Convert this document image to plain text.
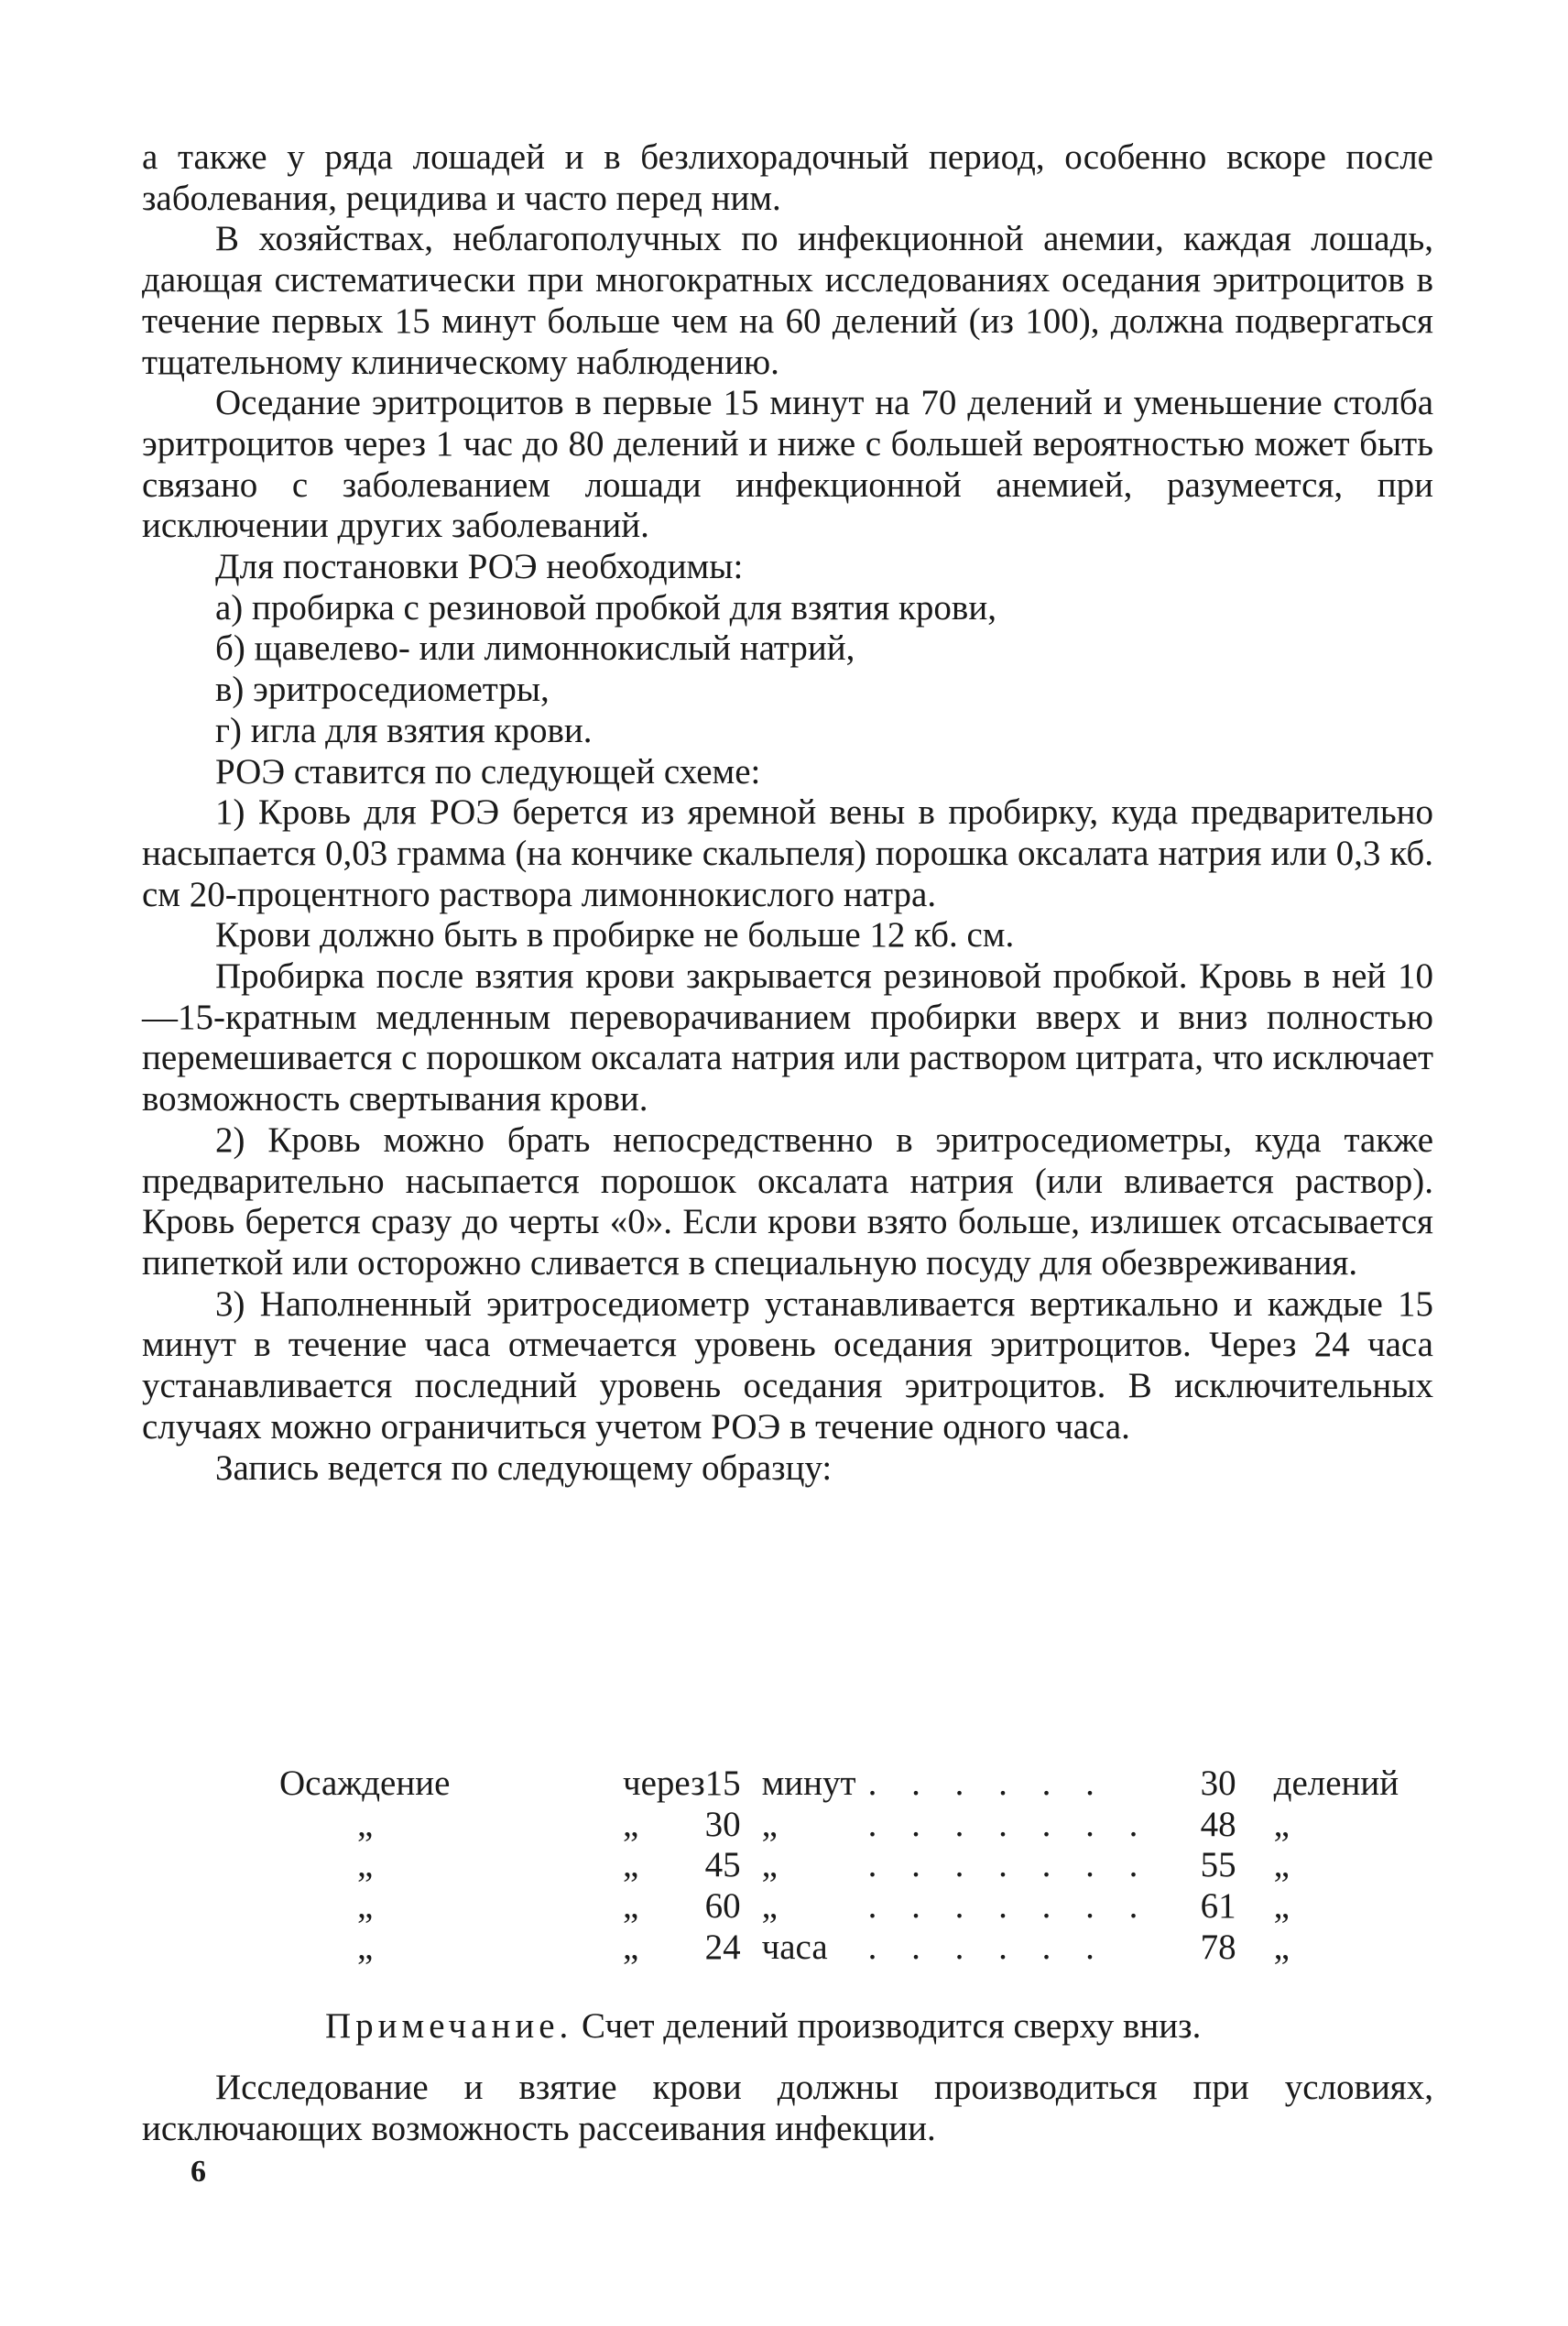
а также у ряда лошадей и в безлихорадочный период, особенно вскоре после заболевания, рецидива и часто перед ним.

В хозяйствах, неблагополучных по инфекционной анемии, каждая лошадь, дающая систематически при многократных исследованиях оседания эритроцитов в течение первых 15 минут больше чем на 60 делений (из 100), должна подвергаться тщательному клиническому наблюдению.

Оседание эритроцитов в первые 15 минут на 70 делений и уменьшение столба эритроцитов через 1 час до 80 делений и ниже с большей вероятностью может быть связано с заболеванием лошади инфекционной анемией, разумеется, при исключении других заболеваний.

Для постановки РОЭ необходимы:

а) пробирка с резиновой пробкой для взятия крови,

б) щавелево- или лимоннокислый натрий,

в) эритроседиометры,

г) игла для взятия крови.

РОЭ ставится по следующей схеме:

1) Кровь для РОЭ берется из яремной вены в пробирку, куда предварительно насыпается 0,03 грамма (на кончике скальпеля) порошка оксалата натрия или 0,3 кб. см 20-процентного раствора лимоннокислого натра.

Крови должно быть в пробирке не больше 12 кб. см.

Пробирка после взятия крови закрывается резиновой пробкой. Кровь в ней 10—15-кратным медленным переворачиванием пробирки вверх и вниз полностью перемешивается с порошком оксалата натрия или раствором цитрата, что исключает возможность свертывания крови.

2) Кровь можно брать непосредственно в эритроседиометры, куда также предварительно насыпается порошок оксалата натрия (или вливается раствор). Кровь берется сразу до черты «0». Если крови взято больше, излишек отсасывается пипеткой или осторожно сливается в специальную посуду для обезвреживания.

3) Наполненный эритроседиометр устанавливается вертикально и каждые 15 минут в течение часа отмечается уровень оседания эритроцитов. Через 24 часа устанавливается последний уровень оседания эритроцитов. В исключительных случаях можно ограничиться учетом РОЭ в течение одного часа.

Запись ведется по следующему образцу:

Осаждение	через	15	минут	. . . . . .	30	делений
„	„	30	„	. . . . . . .	48	„
„	„	45	„	. . . . . . .	55	„
„	„	60	„	. . . . . . .	61	„
„	„	24	часа	. . . . . .	78	„

Примечание. Счет делений производится сверху вниз.

Исследование и взятие крови должны производиться при условиях, исключающих возможность рассеивания инфекции.

6
